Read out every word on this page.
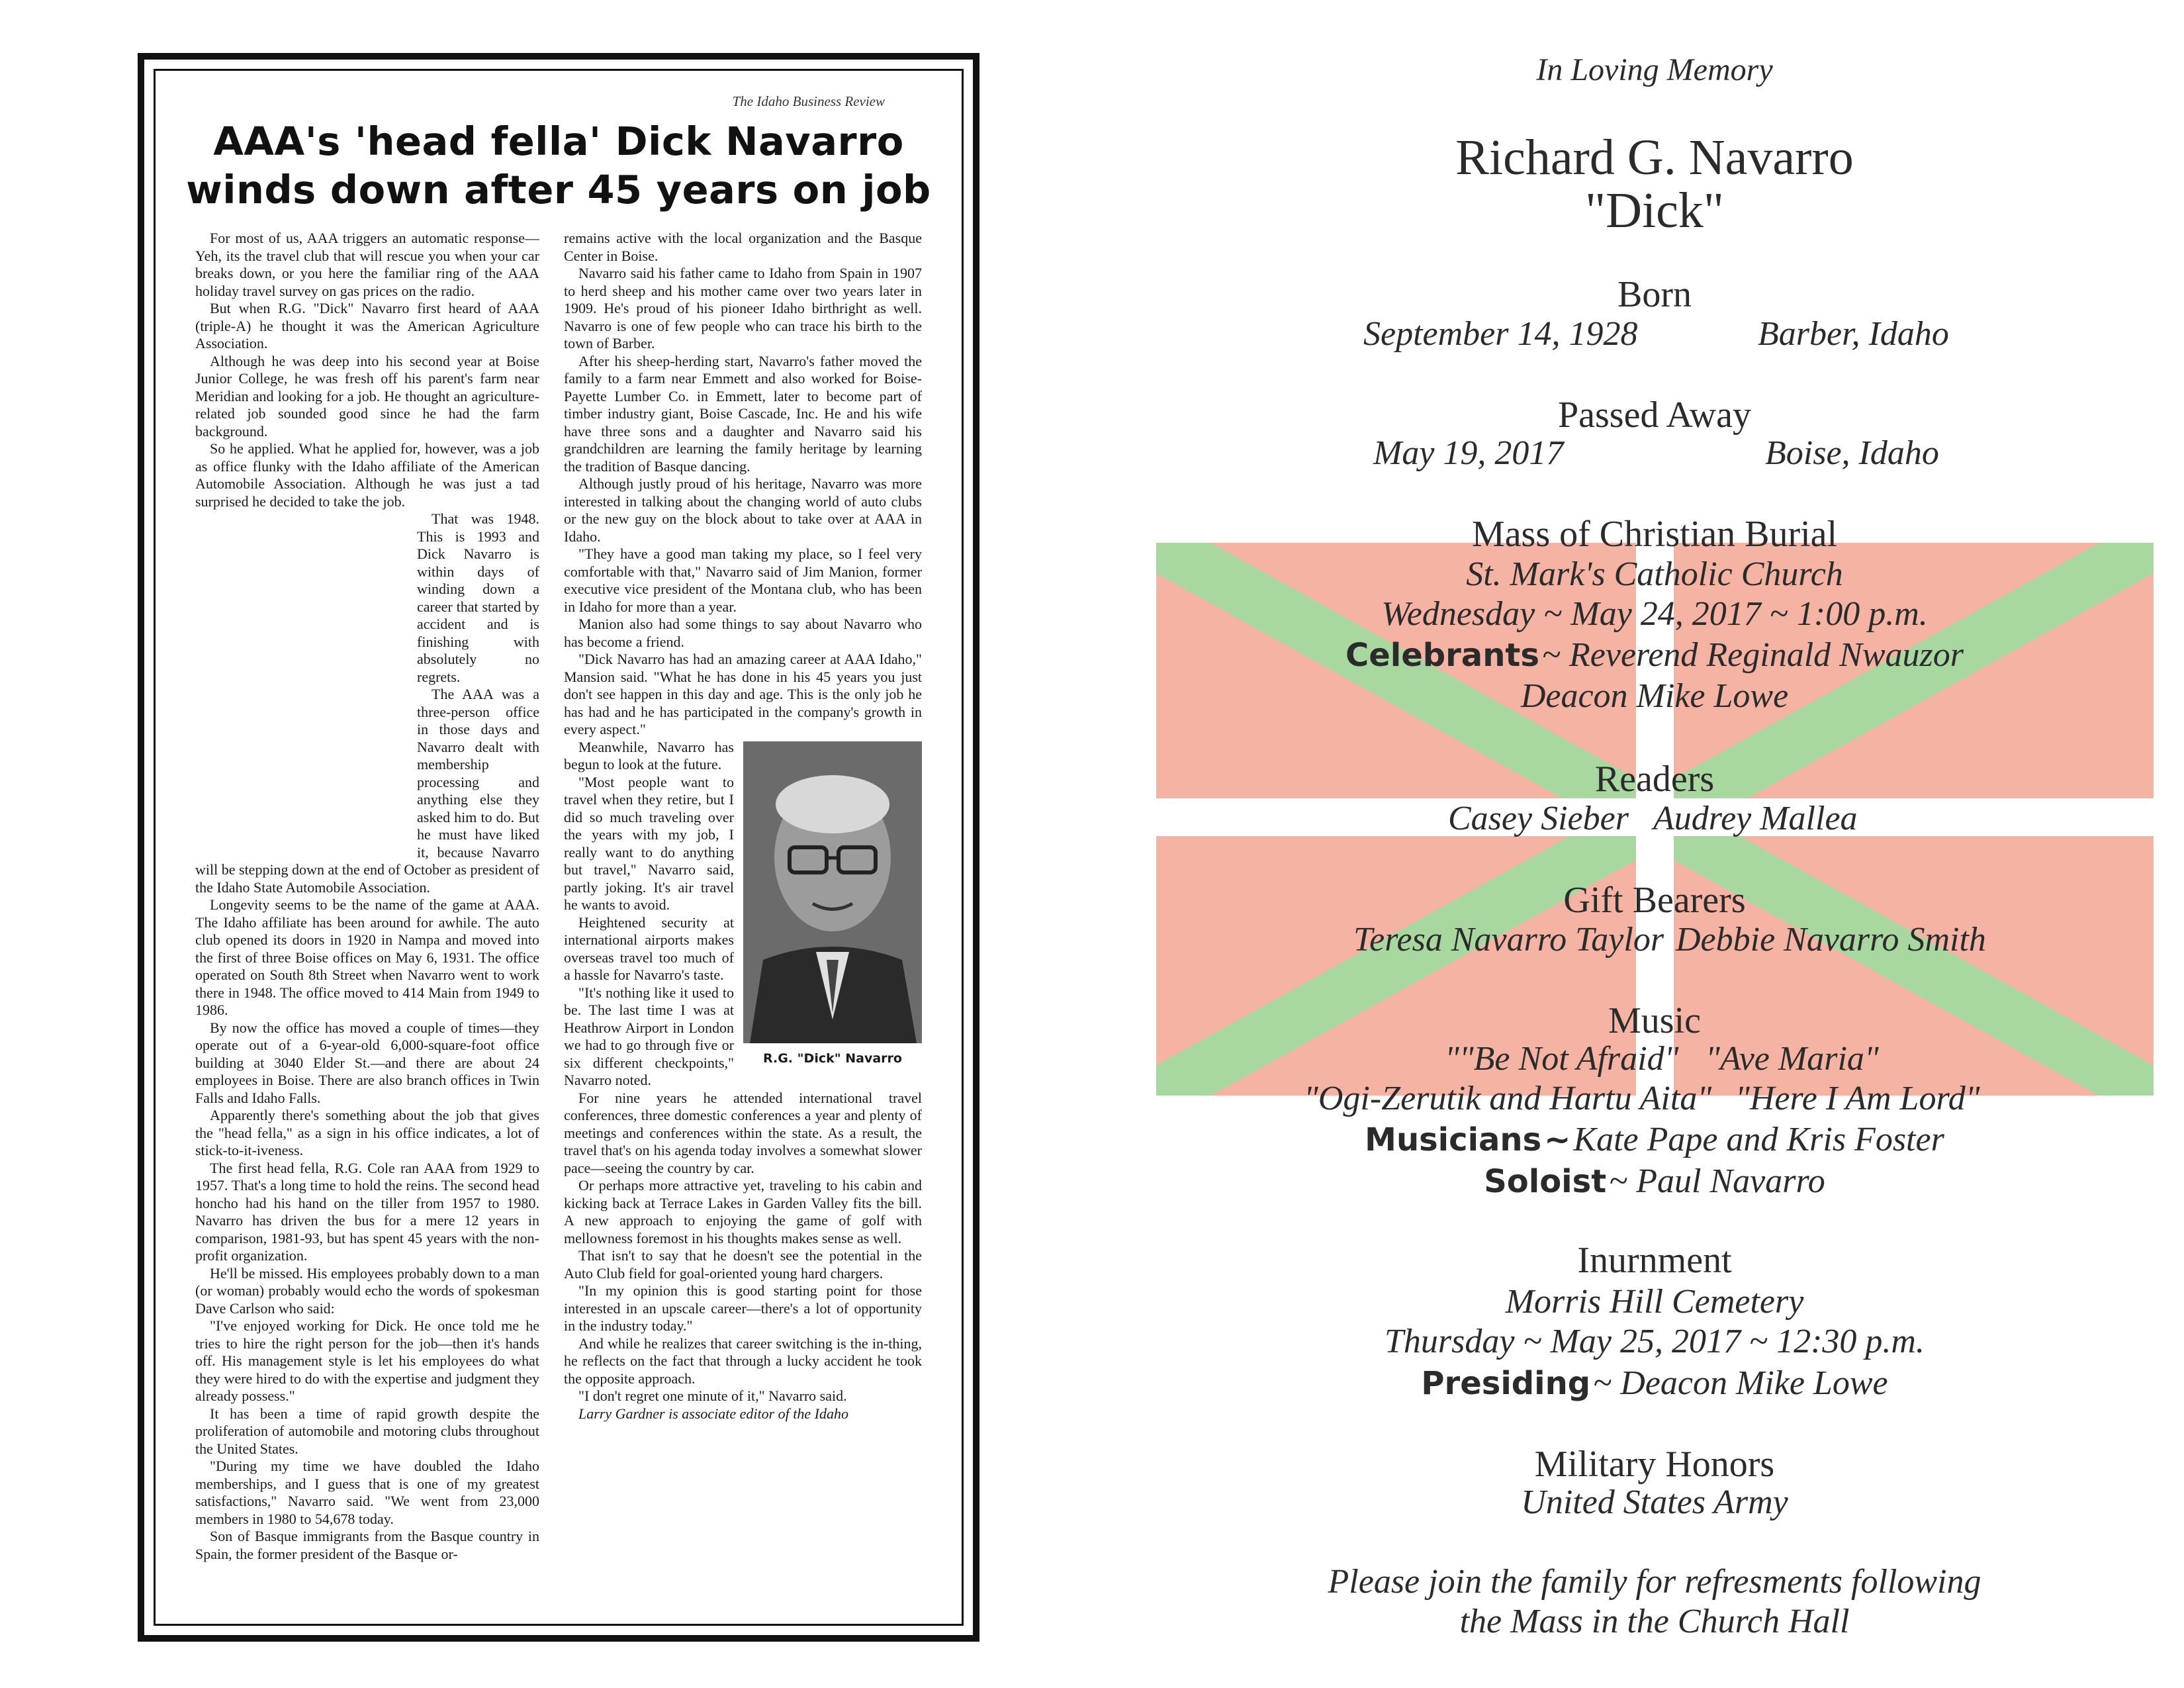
The Idaho Business Review
AAA's 'head fella' Dick Navarro
winds down after 45 years on job

For most of us, AAA triggers an automatic response—Yeh, its the travel club that will rescue you when your car breaks down, or you here the familiar ring of the AAA holiday travel survey on gas prices on the radio.

But when R.G. "Dick" Navarro first heard of AAA (triple-A) he thought it was the American Agriculture Association.

Although he was deep into his second year at Boise Junior College, he was fresh off his parent's farm near Meridian and looking for a job. He thought an agriculture-related job sounded good since he had the farm background.

So he applied. What he applied for, however, was a job as office flunky with the Idaho affiliate of the American Automobile Association. Although he was just a tad surprised he decided to take the job.

That was 1948. This is 1993 and Dick Navarro is within days of winding down a career that started by accident and is finishing with absolutely no regrets.

The AAA was a three-person office in those days and Navarro dealt with membership processing and anything else they asked him to do. But he must have liked it, because Navarro will be stepping down at the end of October as president of the Idaho State Automobile Association.

Longevity seems to be the name of the game at AAA. The Idaho affiliate has been around for awhile. The auto club opened its doors in 1920 in Nampa and moved into the first of three Boise offices on May 6, 1931. The office operated on South 8th Street when Navarro went to work there in 1948. The office moved to 414 Main from 1949 to 1986.

By now the office has moved a couple of times—they operate out of a 6-year-old 6,000-square-foot office building at 3040 Elder St.—and there are about 24 employees in Boise. There are also branch offices in Twin Falls and Idaho Falls.

Apparently there's something about the job that gives the "head fella," as a sign in his office indicates, a lot of stick-to-it-iveness.

The first head fella, R.G. Cole ran AAA from 1929 to 1957. That's a long time to hold the reins. The second head honcho had his hand on the tiller from 1957 to 1980. Navarro has driven the bus for a mere 12 years in comparison, 1981-93, but has spent 45 years with the non-profit organization.

He'll be missed. His employees probably down to a man (or woman) probably would echo the words of spokesman Dave Carlson who said:

"I've enjoyed working for Dick. He once told me he tries to hire the right person for the job—then it's hands off. His management style is let his employees do what they were hired to do with the expertise and judgment they already possess."

It has been a time of rapid growth despite the proliferation of automobile and motoring clubs throughout the United States.

"During my time we have doubled the Idaho memberships, and I guess that is one of my greatest satisfactions," Navarro said. "We went from 23,000 members in 1980 to 54,678 today.

Son of Basque immigrants from the Basque country in Spain, the former president of the Basque or-

remains active with the local organization and the Basque Center in Boise.

Navarro said his father came to Idaho from Spain in 1907 to herd sheep and his mother came over two years later in 1909. He's proud of his pioneer Idaho birthright as well. Navarro is one of few people who can trace his birth to the town of Barber.

After his sheep-herding start, Navarro's father moved the family to a farm near Emmett and also worked for Boise-Payette Lumber Co. in Emmett, later to become part of timber industry giant, Boise Cascade, Inc. He and his wife have three sons and a daughter and Navarro said his grandchildren are learning the family heritage by learning the tradition of Basque dancing.

Although justly proud of his heritage, Navarro was more interested in talking about the changing world of auto clubs or the new guy on the block about to take over at AAA in Idaho.

"They have a good man taking my place, so I feel very comfortable with that," Navarro said of Jim Manion, former executive vice president of the Montana club, who has been in Idaho for more than a year.

Manion also had some things to say about Navarro who has become a friend.

"Dick Navarro has had an amazing career at AAA Idaho," Mansion said. "What he has done in his 45 years you just don't see happen in this day and age. This is the only job he has had and he has participated in the company's growth in every aspect."

R.G. "Dick" Navarro

Meanwhile, Navarro has begun to look at the future.

"Most people want to travel when they retire, but I did so much traveling over the years with my job, I really want to do anything but travel," Navarro said, partly joking. It's air travel he wants to avoid.

Heightened security at international airports makes overseas travel too much of a hassle for Navarro's taste.

"It's nothing like it used to be. The last time I was at Heathrow Airport in London we had to go through five or six different checkpoints," Navarro noted.

For nine years he attended international travel conferences, three domestic conferences a year and plenty of meetings and conferences within the state. As a result, the travel that's on his agenda today involves a somewhat slower pace—seeing the country by car.

Or perhaps more attractive yet, traveling to his cabin and kicking back at Terrace Lakes in Garden Valley fits the bill. A new approach to enjoying the game of golf with mellowness foremost in his thoughts makes sense as well.

That isn't to say that he doesn't see the potential in the Auto Club field for goal-oriented young hard chargers.

"In my opinion this is good starting point for those interested in an upscale career—there's a lot of opportunity in the industry today."

And while he realizes that career switching is the in-thing, he reflects on the fact that through a lucky accident he took the opposite approach.

"I don't regret one minute of it," Navarro said.

Larry Gardner is associate editor of the Idaho

In Loving Memory
Richard G. Navarro
"Dick"
Born
September 14, 1928	Barber, Idaho
Passed Away
May 19, 2017	Boise, Idaho
Mass of Christian Burial
St. Mark's Catholic Church
Wednesday ~ May 24, 2017 ~ 1:00 p.m.
Celebrants ~ Reverend Reginald Nwauzor
Deacon Mike Lowe
Readers
Casey Sieber Audrey Mallea
Gift Bearers
Teresa Navarro Taylor Debbie Navarro Smith
Music
""Be Not Afraid" "Ave Maria"
"Ogi-Zerutik and Hartu Aita" "Here I Am Lord"
Musicians ~ Kate Pape and Kris Foster
Soloist ~ Paul Navarro
Inurnment
Morris Hill Cemetery
Thursday ~ May 25, 2017 ~ 12:30 p.m.
Presiding ~ Deacon Mike Lowe
Military Honors
United States Army
Please join the family for refresments following
the Mass in the Church Hall
